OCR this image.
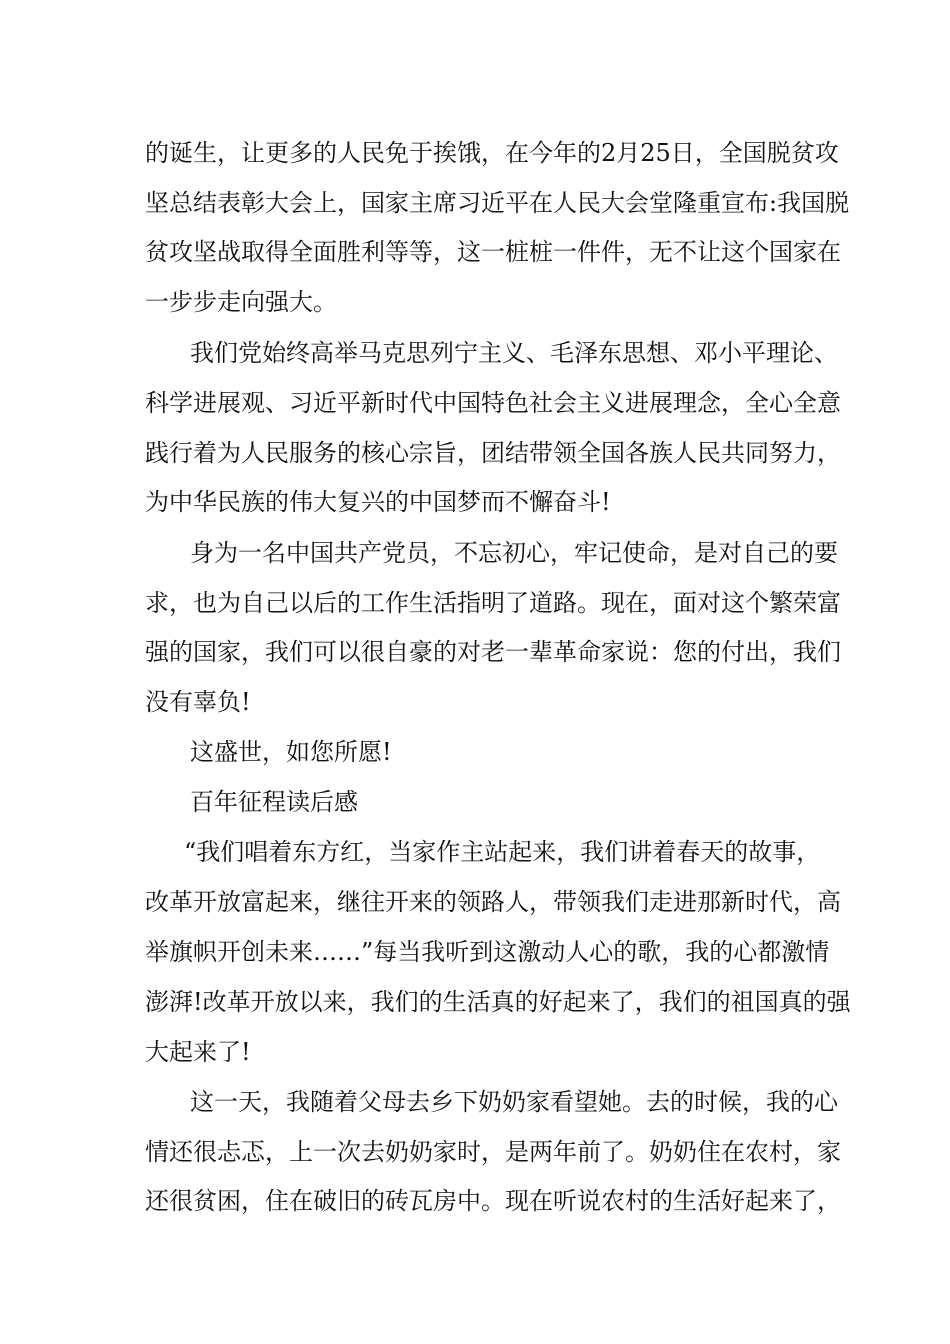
的诞生，让更多的人民免于挨饿，在今年的2月25日，全国脱贫攻
坚总结表彰大会上，国家主席习近平在人民大会堂隆重宣布:我国脱
贫攻坚战取得全面胜利等等，这一桩桩一件件，无不让这个国家在
一步步走向强大。
我们党始终高举马克思列宁主义、毛泽东思想、邓小平理论、
科学进展观、习近平新时代中国特色社会主义进展理念，全心全意
践行着为人民服务的核心宗旨，团结带领全国各族人民共同努力，
为中华民族的伟大复兴的中国梦而不懈奋斗!
身为一名中国共产党员，不忘初心，牢记使命，是对自己的要
求，也为自己以后的工作生活指明了道路。现在，面对这个繁荣富
强的国家，我们可以很自豪的对老一辈革命家说：您的付出，我们
没有辜负!
这盛世，如您所愿!
百年征程读后感
“我们唱着东方红，当家作主站起来，我们讲着春天的故事，
改革开放富起来，继往开来的领路人，带领我们走进那新时代，高
举旗帜开创未来……”每当我听到这激动人心的歌，我的心都激情
澎湃!改革开放以来，我们的生活真的好起来了，我们的祖国真的强
大起来了!
这一天，我随着父母去乡下奶奶家看望她。去的时候，我的心
情还很忐忑，上一次去奶奶家时，是两年前了。奶奶住在农村，家
还很贫困，住在破旧的砖瓦房中。现在听说农村的生活好起来了，
